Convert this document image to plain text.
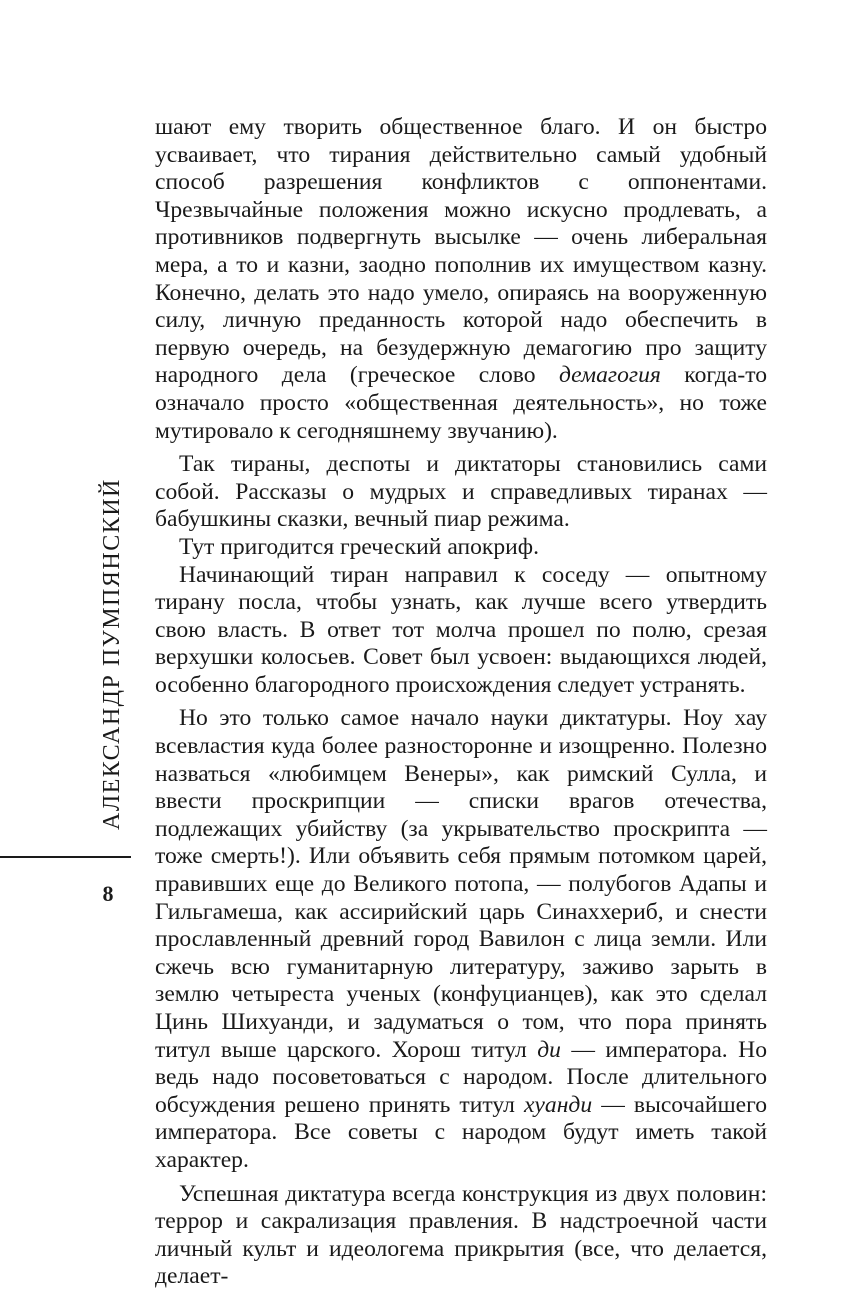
АЛЕКСАНДР ПУМПЯНСКИЙ
8

шают ему творить общественное благо. И он быстро усваивает, что тирания действительно самый удобный способ разрешения конфликтов с оппонентами. Чрезвычайные положения можно искусно продлевать, а противников подвергнуть высылке — очень либеральная мера, а то и казни, заодно пополнив их имуществом казну. Конечно, делать это надо умело, опираясь на вооруженную силу, личную преданность которой надо обеспечить в первую очередь, на безудержную демагогию про защиту народного дела (греческое слово демагогия когда-то означало просто «общественная деятельность», но тоже мутировало к сегодняшнему звучанию).

Так тираны, деспоты и диктаторы становились сами собой. Рассказы о мудрых и справедливых тиранах — бабушкины сказки, вечный пиар режима.

Тут пригодится греческий апокриф.

Начинающий тиран направил к соседу — опытному тирану посла, чтобы узнать, как лучше всего утвердить свою власть. В ответ тот молча прошел по полю, срезая верхушки колосьев. Совет был усвоен: выдающихся людей, особенно благородного происхождения следует устранять.

Но это только самое начало науки диктатуры. Ноу хау всевластия куда более разносторонне и изощренно. Полезно назваться «любимцем Венеры», как римский Сулла, и ввести проскрипции — списки врагов отечества, подлежащих убийству (за укрывательство проскрипта — тоже смерть!). Или объявить себя прямым потомком царей, правивших еще до Великого потопа, — полубогов Адапы и Гильгамеша, как ассирийский царь Синаххериб, и снести прославленный древний город Вавилон с лица земли. Или сжечь всю гуманитарную литературу, заживо зарыть в землю четыреста ученых (конфуцианцев), как это сделал Цинь Шихуанди, и задуматься о том, что пора принять титул выше царского. Хорош титул ди — императора. Но ведь надо посоветоваться с народом. После длительного обсуждения решено принять титул хуанди — высочайшего императора. Все советы с народом будут иметь такой характер.

Успешная диктатура всегда конструкция из двух половин: террор и сакрализация правления. В надстроечной части личный культ и идеологема прикрытия (все, что делается, делает-
